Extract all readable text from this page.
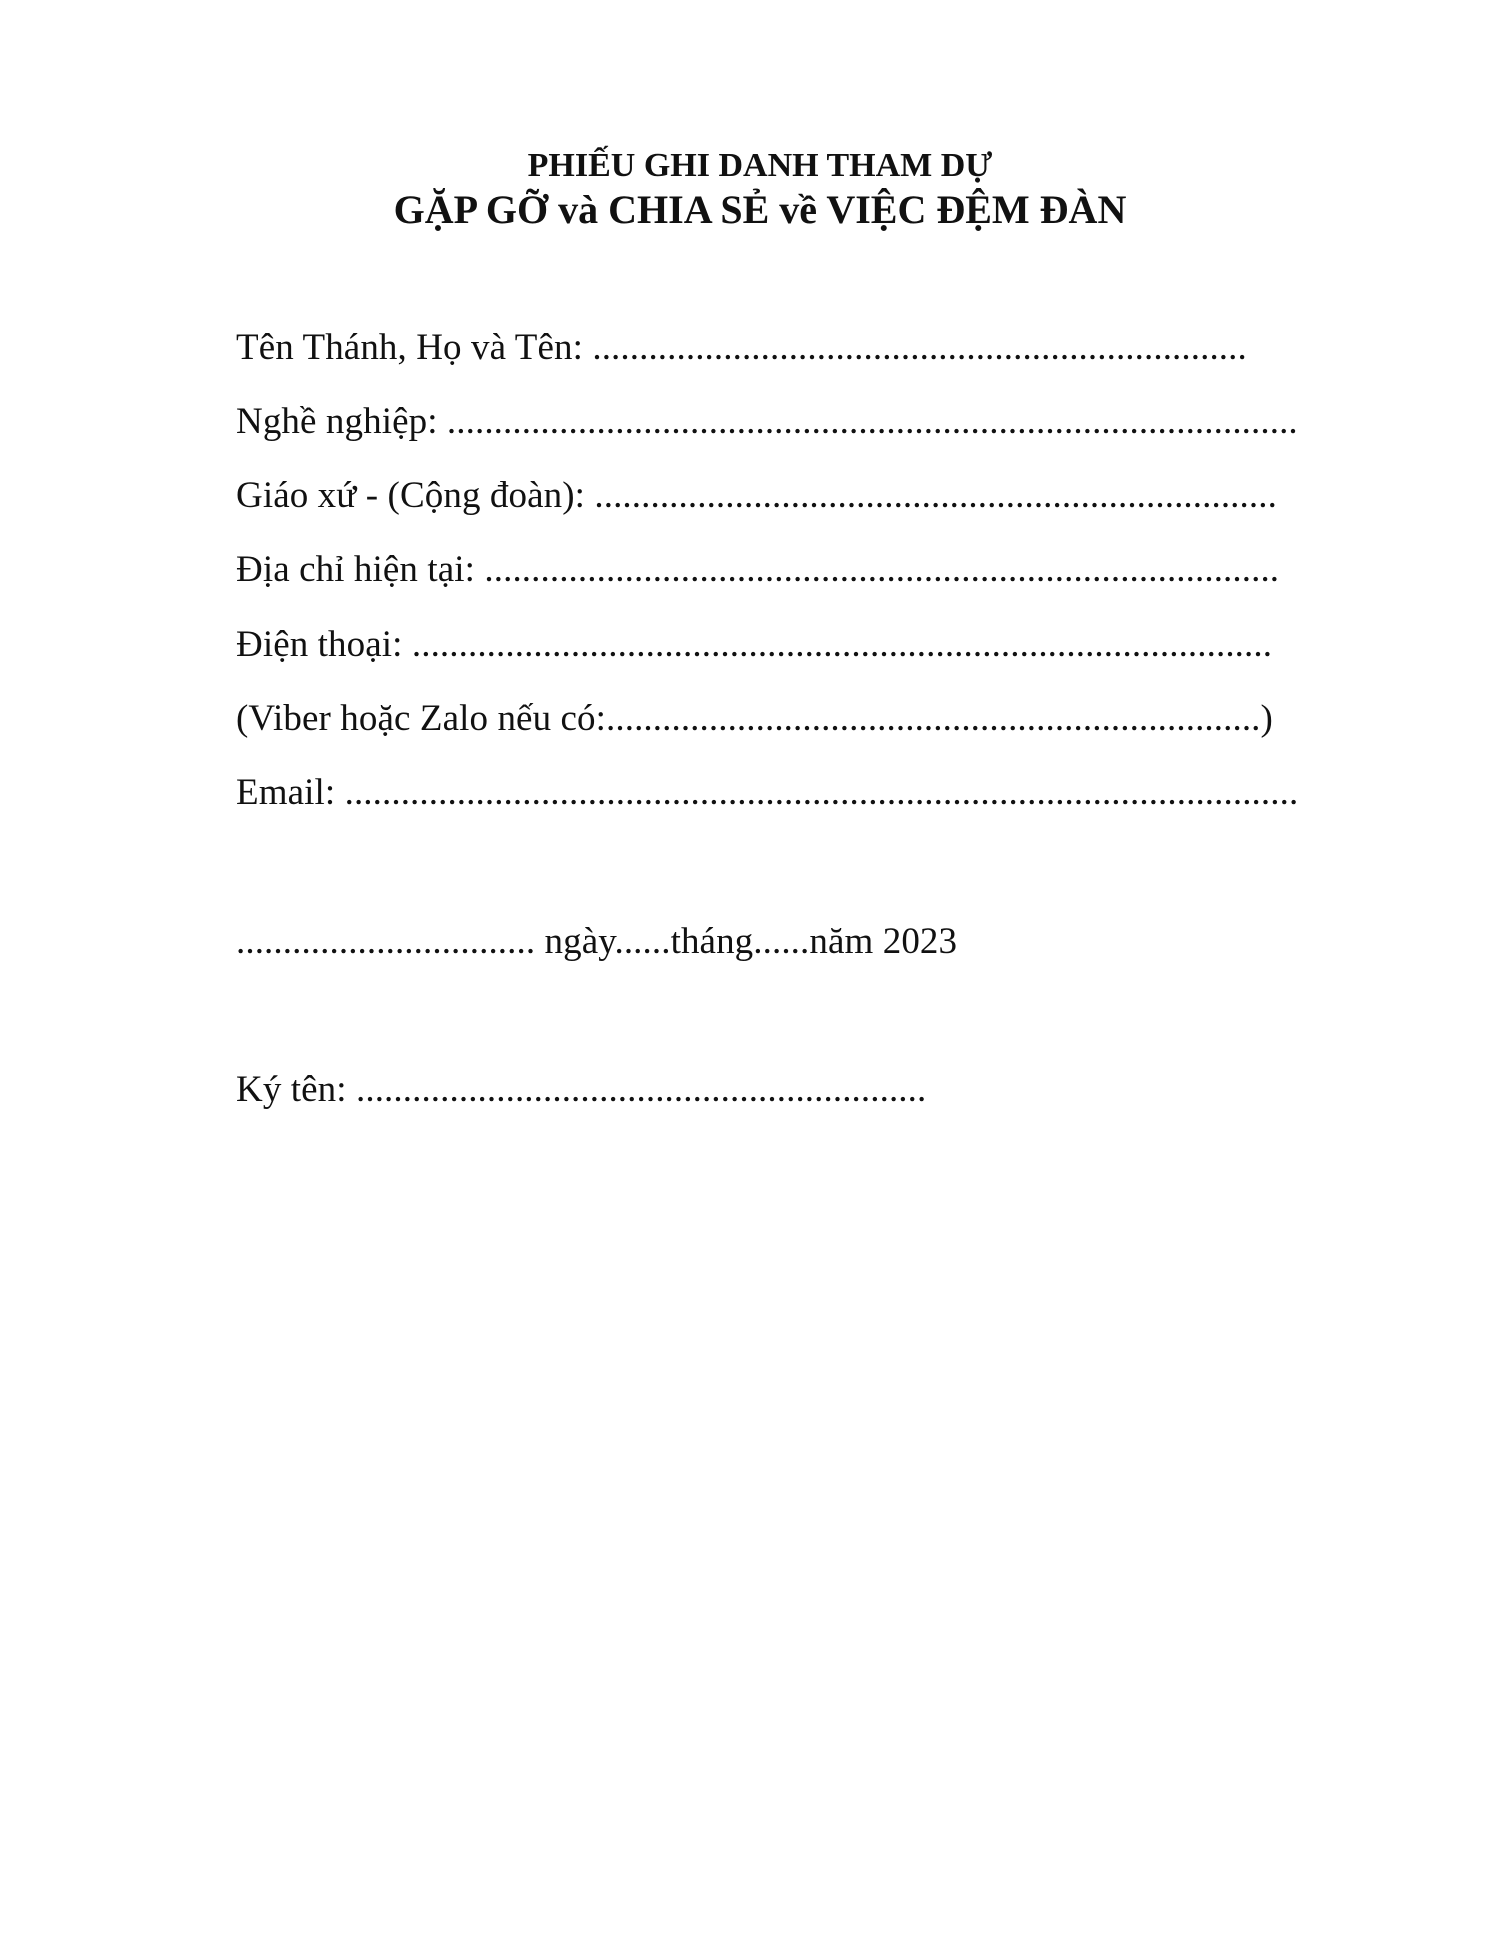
PHIẾU GHI DANH THAM DỰ
GẶP GỠ và CHIA SẺ về VIỆC ĐỆM ĐÀN
Tên Thánh, Họ và Tên: ......................................................................
Nghề nghiệp: ...........................................................................................
Giáo xứ - (Cộng đoàn): .........................................................................
Địa chỉ hiện tại: .....................................................................................
Điện thoại: ............................................................................................
(Viber hoặc Zalo nếu có:......................................................................)
Email: ......................................................................................................
................................ ngày......tháng......năm 2023
Ký tên: .............................................................
